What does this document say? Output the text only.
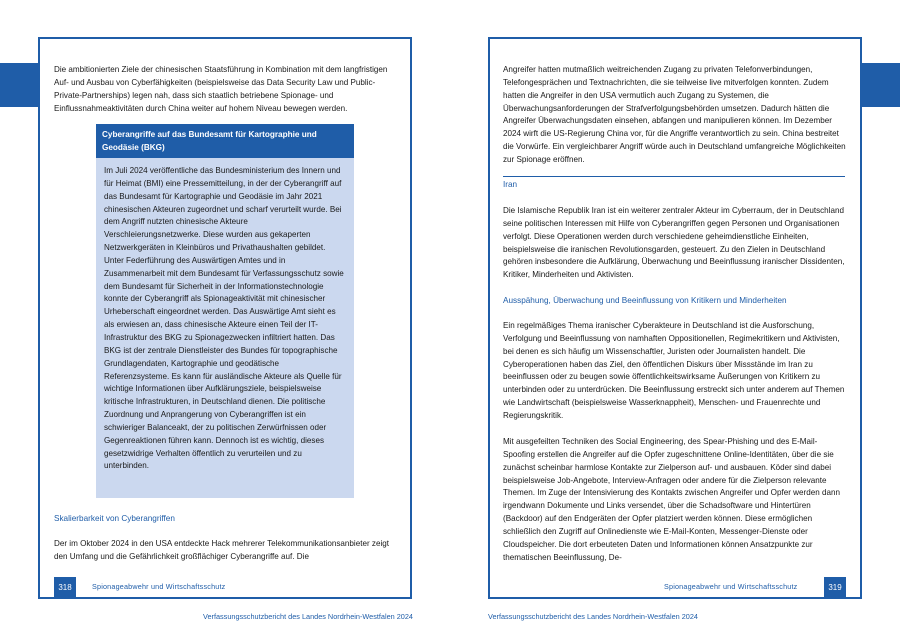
Die ambitionierten Ziele der chinesischen Staatsführung in Kombination mit dem langfristigen Auf- und Ausbau von Cyberfähigkeiten (beispielsweise das Data Security Law und Public-Private-Partnerships) legen nah, dass sich staatlich betriebene Spionage- und Einflussnahmeaktivitäten durch China weiter auf hohem Niveau bewegen werden.

Cyberangriffe auf das Bundesamt für Kartographie und Geodäsie (BKG)
Im Juli 2024 veröffentliche das Bundesministerium des Innern und für Heimat (BMI) eine Pressemitteilung, in der der Cyberangriff auf das Bundesamt für Kartographie und Geodäsie im Jahr 2021 chinesischen Akteuren zugeordnet und scharf verurteilt wurde. Bei dem Angriff nutzten chinesische Akteure Verschleierungsnetzwerke. Diese wurden aus gekaperten Netzwerkgeräten in Kleinbüros und Privathaushalten gebildet. Unter Federführung des Auswärtigen Amtes und in Zusammenarbeit mit dem Bundesamt für Verfassungsschutz sowie dem Bundesamt für Sicherheit in der Informationstechnologie konnte der Cyberangriff als Spionageaktivität mit chinesischer Urheberschaft eingeordnet werden. Das Auswärtige Amt sieht es als erwiesen an, dass chinesische Akteure einen Teil der IT-Infrastruktur des BKG zu Spionagezwecken infiltriert hatten. Das BKG ist der zentrale Dienstleister des Bundes für topographische Grundlagendaten, Kartographie und geodätische Referenzsysteme. Es kann für ausländische Akteure als Quelle für wichtige Informationen über Aufklärungsziele, beispielsweise kritische Infrastrukturen, in Deutschland dienen. Die politische Zuordnung und Anprangerung von Cyberangriffen ist ein schwieriger Balanceakt, der zu politischen Zerwürfnissen oder Gegenreaktionen führen kann. Dennoch ist es wichtig, dieses gesetzwidrige Verhalten öffentlich zu verurteilen und zu unterbinden.
Skalierbarkeit von Cyberangriffen

Der im Oktober 2024 in den USA entdeckte Hack mehrerer Telekommunikationsanbieter zeigt den Umfang und die Gefährlichkeit großflächiger Cyberangriffe auf. Die

318	Spionageabwehr und Wirtschaftsschutz
Verfassungsschutzbericht des Landes Nordrhein-Westfalen 2024

Angreifer hatten mutmaßlich weitreichenden Zugang zu privaten Telefonverbindungen, Telefongesprächen und Textnachrichten, die sie teilweise live mitverfolgen konnten. Zudem hatten die Angreifer in den USA vermutlich auch Zugang zu Systemen, die Überwachungsanforderungen der Strafverfolgungsbehörden umsetzen. Dadurch hätten die Angreifer Überwachungsdaten einsehen, abfangen und manipulieren können. Im Dezember 2024 wirft die US-Regierung China vor, für die Angriffe verantwortlich zu sein. China bestreitet die Vorwürfe. Ein vergleichbarer Angriff würde auch in Deutschland umfangreiche Möglichkeiten zur Spionage eröffnen.

Iran

Die Islamische Republik Iran ist ein weiterer zentraler Akteur im Cyberraum, der in Deutschland seine politischen Interessen mit Hilfe von Cyberangriffen gegen Personen und Organisationen verfolgt. Diese Operationen werden durch verschiedene geheimdienstliche Einheiten, beispielsweise die iranischen Revolutionsgarden, gesteuert. Zu den Zielen in Deutschland gehören insbesondere die Aufklärung, Überwachung und Beeinflussung iranischer Dissidenten, Kritiker, Minderheiten und Aktivisten.

Ausspähung, Überwachung und Beeinflussung von Kritikern und Minderheiten

Ein regelmäßiges Thema iranischer Cyberakteure in Deutschland ist die Ausforschung, Verfolgung und Beeinflussung von namhaften Oppositionellen, Regimekritikern und Aktivisten, bei denen es sich häufig um Wissenschaftler, Juristen oder Journalisten handelt. Die Cyberoperationen haben das Ziel, den öffentlichen Diskurs über Missstände im Iran zu beeinflussen oder zu beugen sowie öffentlichkeitswirksame Äußerungen von Kritikern zu unterbinden oder zu unterdrücken. Die Beeinflussung erstreckt sich unter anderem auf Themen wie Landwirtschaft (beispielsweise Wasserknappheit), Menschen- und Frauenrechte und Regierungskritik.

Mit ausgefeilten Techniken des Social Engineering, des Spear-Phishing und des E-Mail-Spoofing erstellen die Angreifer auf die Opfer zugeschnittene Online-Identitäten, über die sie zunächst scheinbar harmlose Kontakte zur Zielperson auf- und ausbauen. Köder sind dabei beispielsweise Job-Angebote, Interview-Anfragen oder andere für die Zielperson relevante Themen. Im Zuge der Intensivierung des Kontakts zwischen Angreifer und Opfer werden dann irgendwann Dokumente und Links versendet, über die Schadsoftware und Hintertüren (Backdoor) auf den Endgeräten der Opfer platziert werden können. Diese ermöglichen schließlich den Zugriff auf Onlinedienste wie E-Mail-Konten, Messenger-Dienste oder Cloudspeicher. Die dort erbeuteten Daten und Informationen können Ansatzpunkte zur thematischen Beeinflussung, De-

Spionageabwehr und Wirtschaftsschutz	319
Verfassungsschutzbericht des Landes Nordrhein-Westfalen 2024
